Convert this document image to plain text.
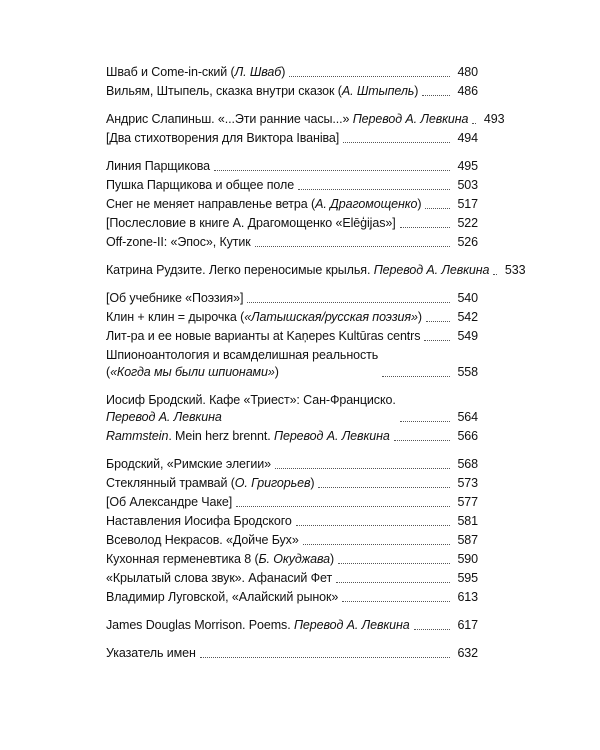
Шваб и Come-in-ский (Л. Шваб)	480
Вильям, Штыпель, сказка внутри сказок (А. Штыпель)	486
Андрис Слапиньш. «...Эти ранние часы...» Перевод А. Левкина 493
[Два стихотворения для Виктора Іваніва]	494
Линия Парщикова	495
Пушка Парщикова и общее поле	503
Снег не меняет направленье ветра (А. Драгомощенко)	517
[Послесловие в книге А. Драгомощенко «Elēģijas»]	522
Off-zone-II: «Эпос», Кутик	526
Катрина Рудзите. Легко переносимые крылья. Перевод А. Левкина 533
[Об учебнике «Поэзия»]	540
Клин + клин = дырочка («Латышская/русская поэзия»)	542
Лит-ра и ее новые варианты at Kaņepes Kultūras centrs	549
Шпионоантология и всамделишная реальность
(«Когда мы были шпионами»)	558
Иосиф Бродский. Кафе «Триест»: Сан-Франциско.
Перевод А. Левкина	564
Rammstein. Mein herz brennt. Перевод А. Левкина	566
Бродский, «Римские элегии»	568
Стеклянный трамвай (О. Григорьев)	573
[Об Александре Чаке]	577
Наставления Иосифа Бродского	581
Всеволод Некрасов. «Дойче Бух»	587
Кухонная герменевтика 8 (Б. Окуджава)	590
«Крылатый слова звук». Афанасий Фет	595
Владимир Луговской, «Алайский рынок»	613
James Douglas Morrison. Poems. Перевод А. Левкина	617
Указатель имен	632
